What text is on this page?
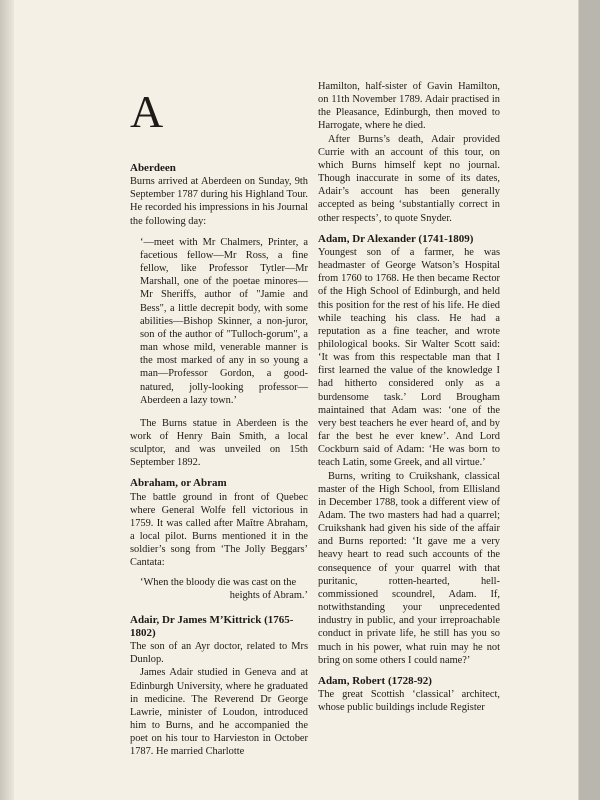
A
Aberdeen

Burns arrived at Aberdeen on Sunday, 9th September 1787 during his Highland Tour. He recorded his impressions in his Journal the following day:

‘—meet with Mr Chalmers, Printer, a facetious fellow—Mr Ross, a fine fellow, like Professor Tytler—Mr Marshall, one of the poetae minores—Mr Sheriffs, author of "Jamie and Bess", a little decrepit body, with some abilities—Bishop Skinner, a non-juror, son of the author of "Tulloch-gorum", a man whose mild, venerable manner is the most marked of any in so young a man—Professor Gordon, a good-natured, jolly-looking professor—Aberdeen a lazy town.’

The Burns statue in Aberdeen is the work of Henry Bain Smith, a local sculptor, and was unveiled on 15th September 1892.

Abraham, or Abram

The battle ground in front of Quebec where General Wolfe fell victorious in 1759. It was called after Maître Abraham, a local pilot. Burns mentioned it in the soldier’s song from ‘The Jolly Beggars’ Cantata:

‘When the bloody die was cast on the
heights of Abram.’
Adair, Dr James M’Kittrick (1765-1802)

The son of an Ayr doctor, related to Mrs Dunlop.

James Adair studied in Geneva and at Edinburgh University, where he graduated in medicine. The Reverend Dr George Lawrie, minister of Loudon, introduced him to Burns, and he accompanied the poet on his tour to Harvieston in October 1787. He married Charlotte

Hamilton, half-sister of Gavin Hamilton, on 11th November 1789. Adair practised in the Pleasance, Edinburgh, then moved to Harrogate, where he died.

After Burns’s death, Adair provided Currie with an account of this tour, on which Burns himself kept no journal. Though inaccurate in some of its dates, Adair’s account has been generally accepted as being ‘substantially correct in other respects’, to quote Snyder.

Adam, Dr Alexander (1741-1809)

Youngest son of a farmer, he was headmaster of George Watson’s Hospital from 1760 to 1768. He then became Rector of the High School of Edinburgh, and held this position for the rest of his life. He died while teaching his class. He had a reputation as a fine teacher, and wrote philological books. Sir Walter Scott said: ‘It was from this respectable man that I first learned the value of the knowledge I had hitherto considered only as a burdensome task.’ Lord Brougham maintained that Adam was: ‘one of the very best teachers he ever heard of, and by far the best he ever knew’. And Lord Cockburn said of Adam: ‘He was born to teach Latin, some Greek, and all virtue.’

Burns, writing to Cruikshank, classical master of the High School, from Ellisland in December 1788, took a different view of Adam. The two masters had had a quarrel; Cruikshank had given his side of the affair and Burns reported: ‘It gave me a very heavy heart to read such accounts of the consequence of your quarrel with that puritanic, rotten-hearted, hell-commissioned scoundrel, Adam. If, notwithstanding your unprecedented industry in public, and your irreproachable conduct in private life, he still has you so much in his power, what ruin may he not bring on some others I could name?’

Adam, Robert (1728-92)

The great Scottish ‘classical’ architect, whose public buildings include Register
